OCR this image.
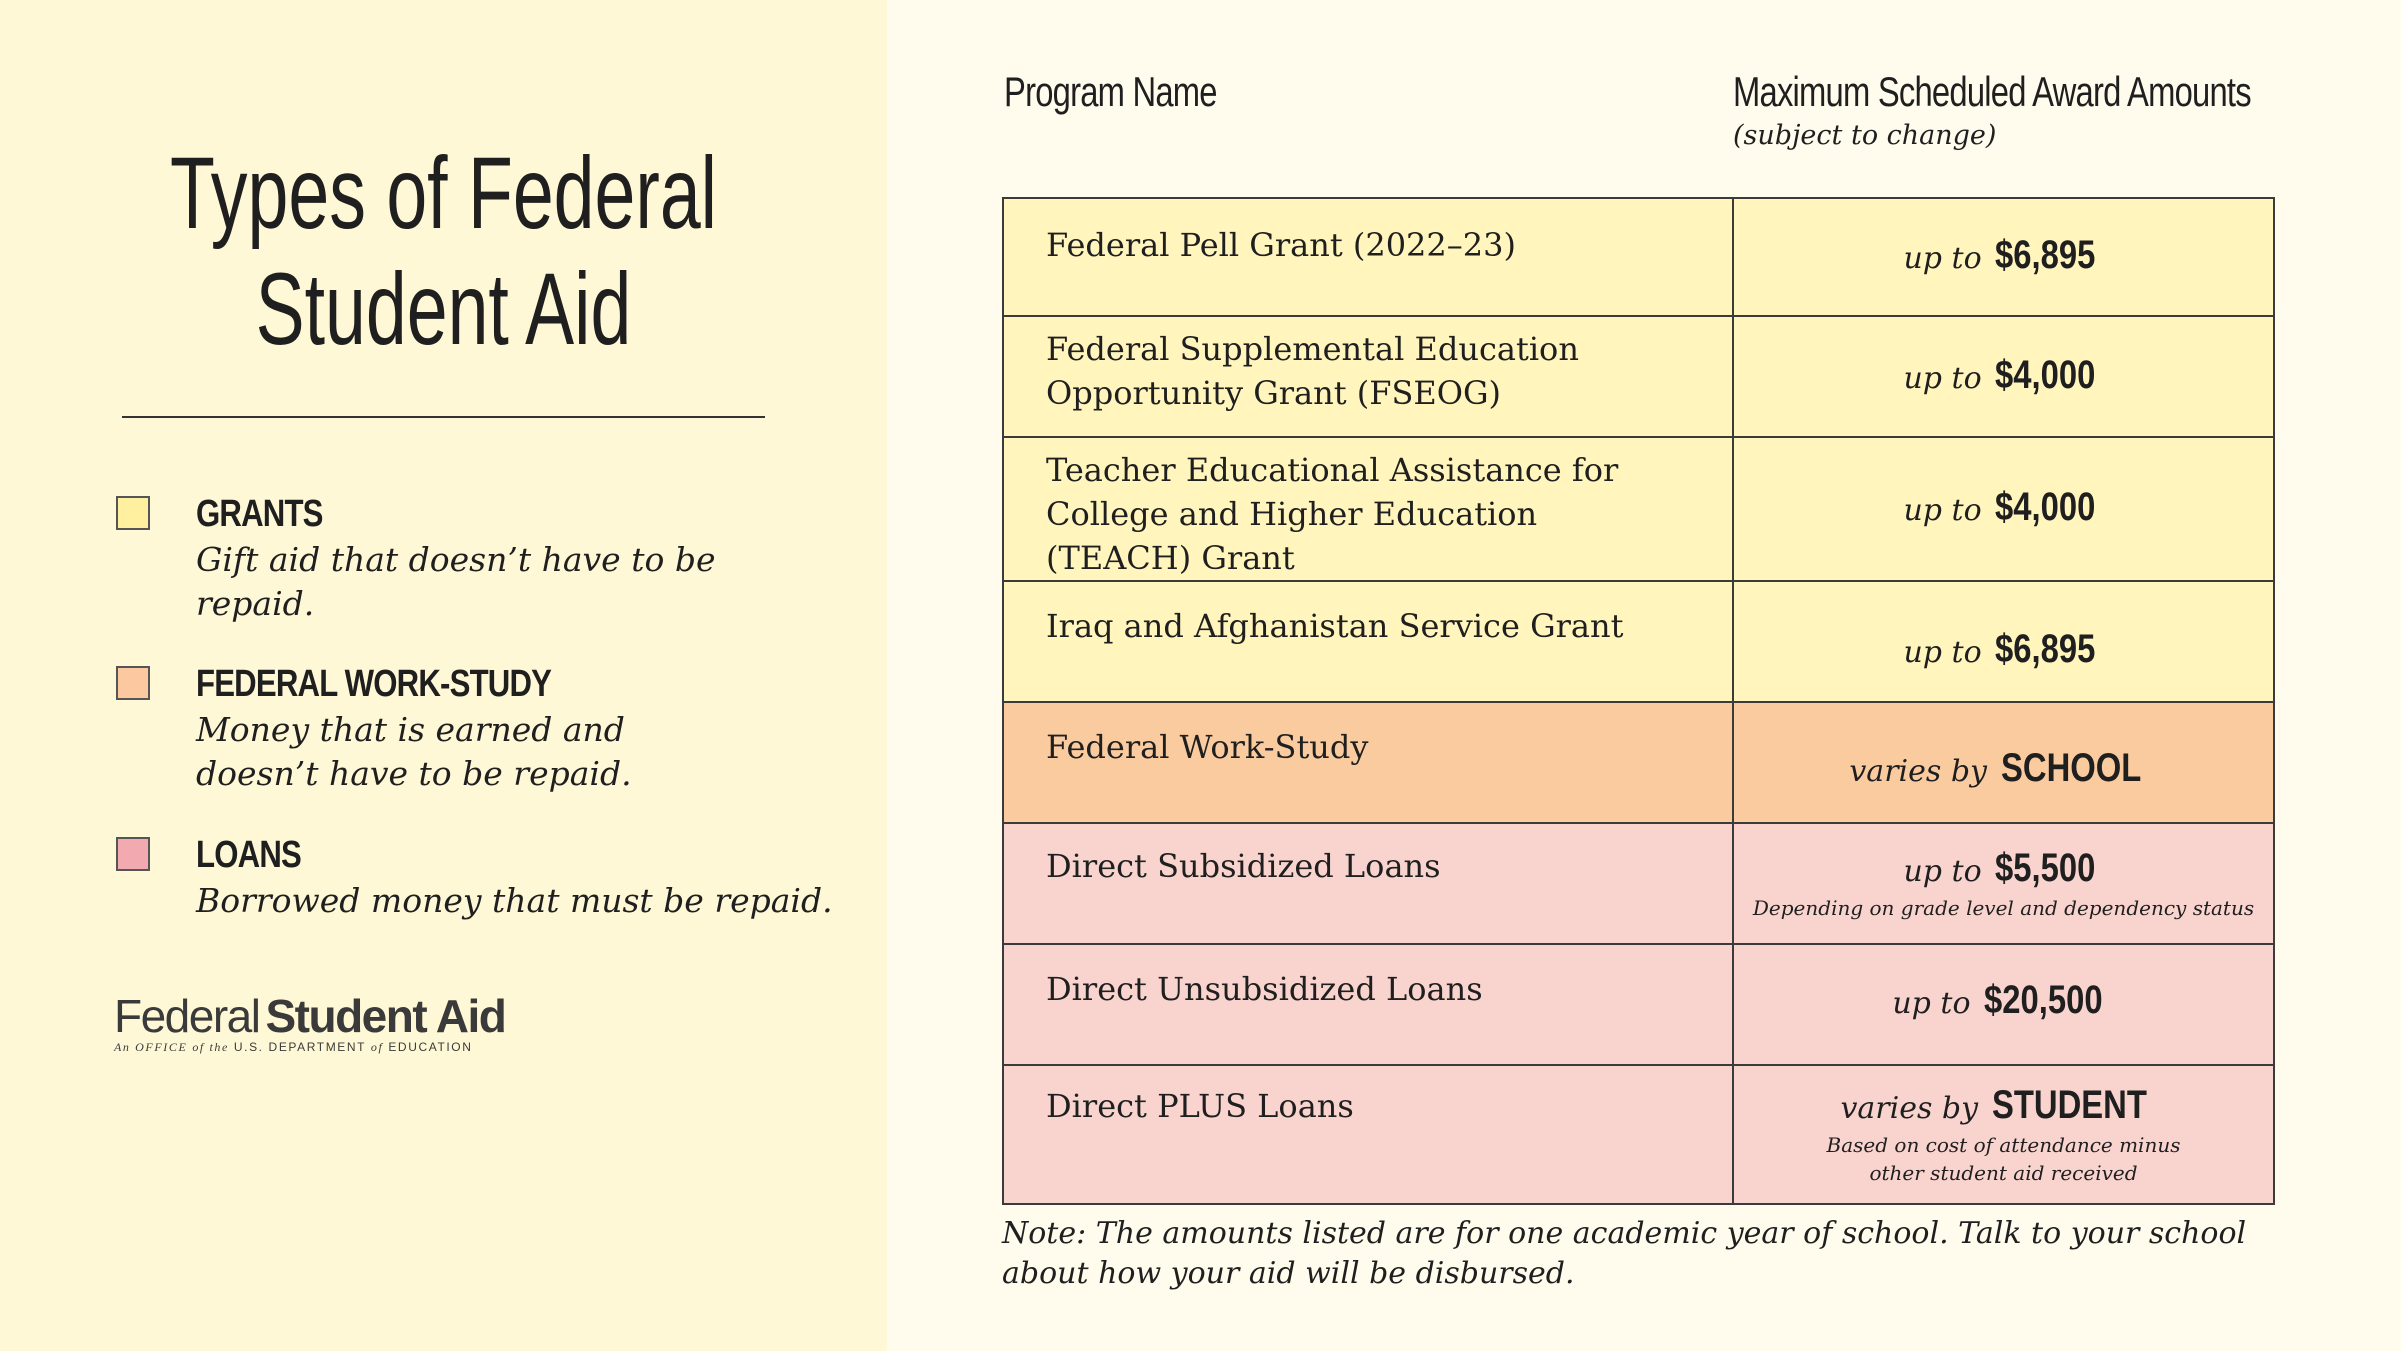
Types of Federal
Student Aid
GRANTS
Gift aid that doesn’t have to be repaid.
FEDERAL WORK-STUDY
Money that is earned and doesn’t have to be repaid.
LOANS
Borrowed money that must be repaid.
Federal Student Aid
An OFFICE of the U.S. DEPARTMENT of EDUCATION
Program Name	Maximum Scheduled Award Amounts
(subject to change)
Federal Pell Grant (2022–23)	up to $6,895

Federal Supplemental Education Opportunity Grant (FSEOG)	up to $4,000

Teacher Educational Assistance for College and Higher Education (TEACH) Grant	up to $4,000

Iraq and Afghanistan Service Grant	up to $6,895

Federal Work-Study	varies by SCHOOL

Direct Subsidized Loans	up to $5,500
Depending on grade level and dependency status

Direct Unsubsidized Loans	up to $20,500

Direct PLUS Loans	varies by STUDENT
Based on cost of attendance minus other student aid received
Note: The amounts listed are for one academic year of school. Talk to your school about how your aid will be disbursed.
